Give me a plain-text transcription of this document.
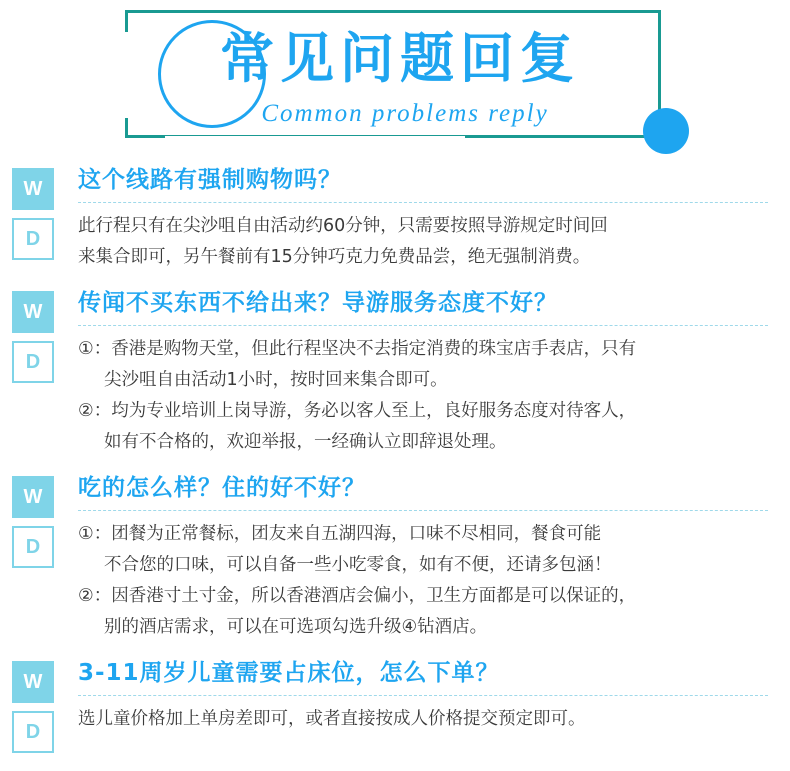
常见问题回复
Common problems reply
W
D

这个线路有强制购物吗？

此行程只有在尖沙咀自由活动约60分钟，只需要按照导游规定时间回
来集合即可，另午餐前有15分钟巧克力免费品尝，绝无强制消费。
W
D

传闻不买东西不给出来？导游服务态度不好？

①：香港是购物天堂，但此行程坚决不去指定消费的珠宝店手表店，只有
尖沙咀自由活动1小时，按时回来集合即可。
②：均为专业培训上岗导游，务必以客人至上，良好服务态度对待客人，
如有不合格的，欢迎举报，一经确认立即辞退处理。
W
D

吃的怎么样？住的好不好？

①：团餐为正常餐标，团友来自五湖四海，口味不尽相同，餐食可能
不合您的口味，可以自备一些小吃零食，如有不便，还请多包涵！
②：因香港寸土寸金，所以香港酒店会偏小，卫生方面都是可以保证的，
别的酒店需求，可以在可选项勾选升级④钻酒店。
W
D

3-11周岁儿童需要占床位，怎么下单？

选儿童价格加上单房差即可，或者直接按成人价格提交预定即可。
